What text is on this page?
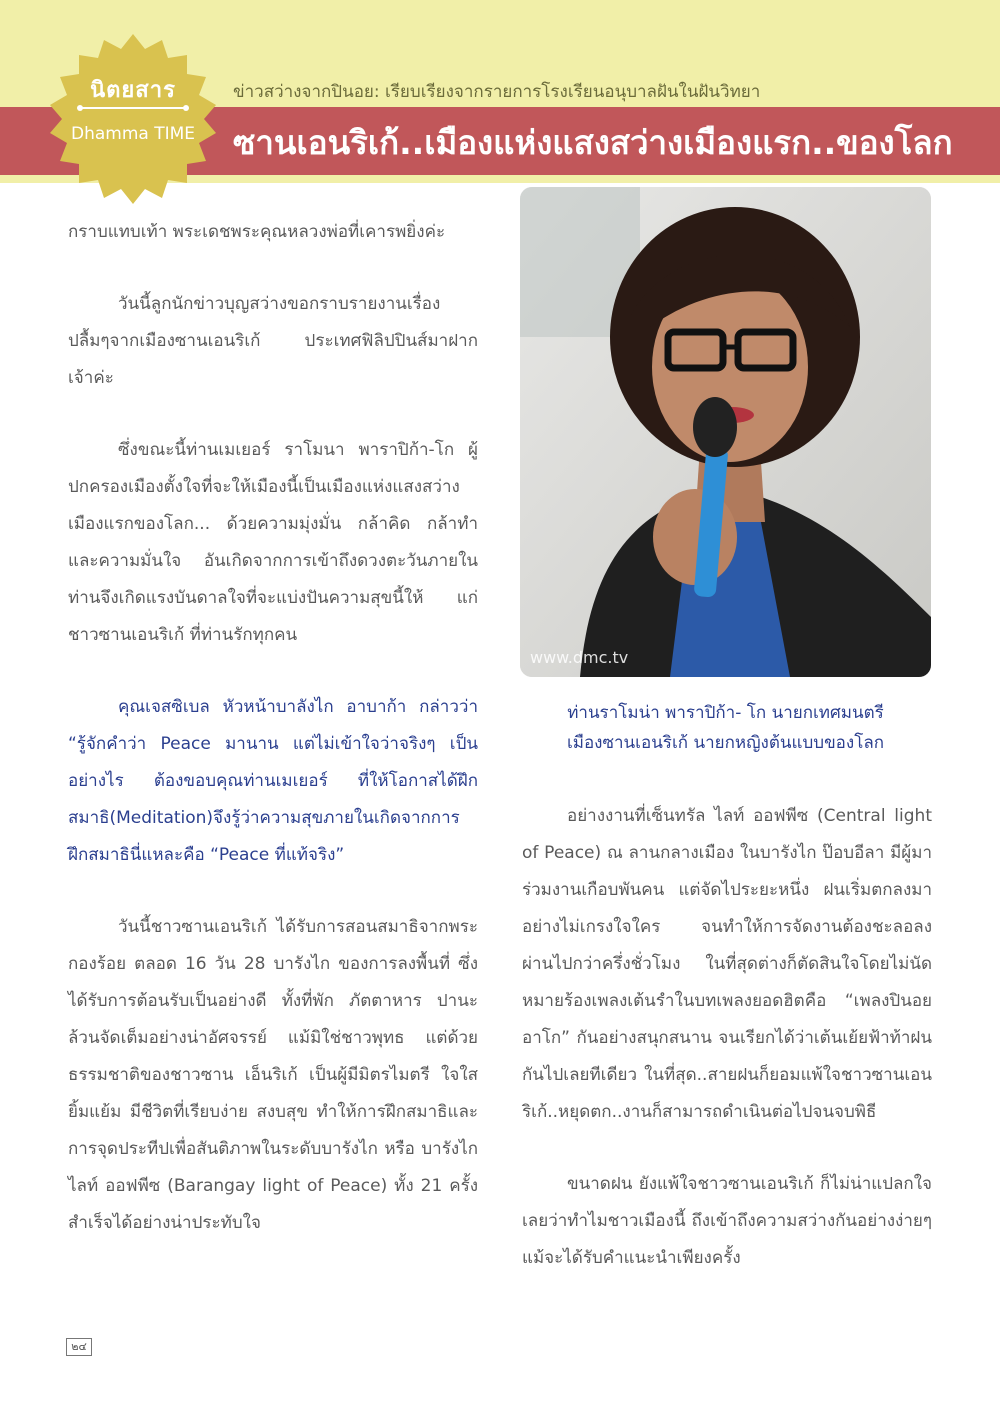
นิตยสาร
Dhamma TIME
ข่าวสว่างจากปินอย: เรียบเรียงจากรายการโรงเรียนอนุบาลฝันในฝันวิทยา
ซานเอนริเก้..เมืองแห่งแสงสว่างเมืองแรก..ของโลก

กราบแทบเท้า พระเดชพระคุณหลวงพ่อที่เคารพยิ่งค่ะ

วันนี้ลูกนักข่าวบุญสว่างขอกราบรายงานเรื่องปลื้มๆจากเมืองซานเอนริเก้ ประเทศฟิลิปปินส์มาฝากเจ้าค่ะ

ซึ่งขณะนี้ท่านเมเยอร์ ราโมนา พาราปิก้า-โก ผู้ปกครองเมืองตั้งใจที่จะให้เมืองนี้เป็นเมืองแห่งแสงสว่าง เมืองแรกของโลก... ด้วยความมุ่งมั่น กล้าคิด กล้าทำ และความมั่นใจ อันเกิดจากการเข้าถึงดวงตะวันภายใน ท่านจึงเกิดแรงบันดาลใจที่จะแบ่งปันความสุขนี้ให้ แก่ชาวซานเอนริเก้ ที่ท่านรักทุกคน

คุณเจสซิเบล หัวหน้าบาลังไก อาบาก้า กล่าวว่า “รู้จักคำว่า Peace มานาน แต่ไม่เข้าใจว่าจริงๆ เป็นอย่างไร ต้องขอบคุณท่านเมเยอร์ ที่ให้โอกาสได้ฝึกสมาธิ(Meditation)จึงรู้ว่าความสุขภายในเกิดจากการฝึกสมาธินี่แหละคือ “Peace ที่แท้จริง”

วันนี้ชาวซานเอนริเก้ ได้รับการสอนสมาธิจากพระกองร้อย ตลอด 16 วัน 28 บารังไก ของการลงพื้นที่ ซึ่งได้รับการต้อนรับเป็นอย่างดี ทั้งที่พัก ภัตตาหาร ปานะ ล้วนจัดเต็มอย่างน่าอัศจรรย์ แม้มิใช่ชาวพุทธ แต่ด้วยธรรมชาติของชาวซาน เอ็นริเก้ เป็นผู้มีมิตรไมตรี ใจใส ยิ้มแย้ม มีชีวิตที่เรียบง่าย สงบสุข ทำให้การฝึกสมาธิและการจุดประทีปเพื่อสันติภาพในระดับบารังไก หรือ บารังไก ไลท์ ออฟพีซ (Barangay light of Peace) ทั้ง 21 ครั้ง สำเร็จได้อย่างน่าประทับใจ

www.dmc.tv
ท่านราโมน่า พาราปิก้า- โก นายกเทศมนตรี
เมืองซานเอนริเก้ นายกหญิงต้นแบบของโลก

อย่างงานที่เซ็นทรัล ไลท์ ออฟพีซ (Central light of Peace) ณ ลานกลางเมือง ในบารังไก ป๊อบอีลา มีผู้มาร่วมงานเกือบพันคน แต่จัดไประยะหนึ่ง ฝนเริ่มตกลงมาอย่างไม่เกรงใจใคร จนทำให้การจัดงานต้องชะลอลง ผ่านไปกว่าครึ่งชั่วโมง ในที่สุดต่างก็ตัดสินใจโดยไม่นัดหมายร้องเพลงเต้นรำในบทเพลงยอดฮิตคือ “เพลงปินอย อาโก” กันอย่างสนุกสนาน จนเรียกได้ว่าเต้นเย้ยฟ้าท้าฝนกันไปเลยทีเดียว ในที่สุด..สายฝนก็ยอมแพ้ใจชาวซานเอนริเก้..หยุดตก..งานก็สามารถดำเนินต่อไปจนจบพิธี

ขนาดฝน ยังแพ้ใจชาวซานเอนริเก้ ก็ไม่น่าแปลกใจเลยว่าทำไมชาวเมืองนี้ ถึงเข้าถึงความสว่างกันอย่างง่ายๆ แม้จะได้รับคำแนะนำเพียงครั้ง

๒๔
